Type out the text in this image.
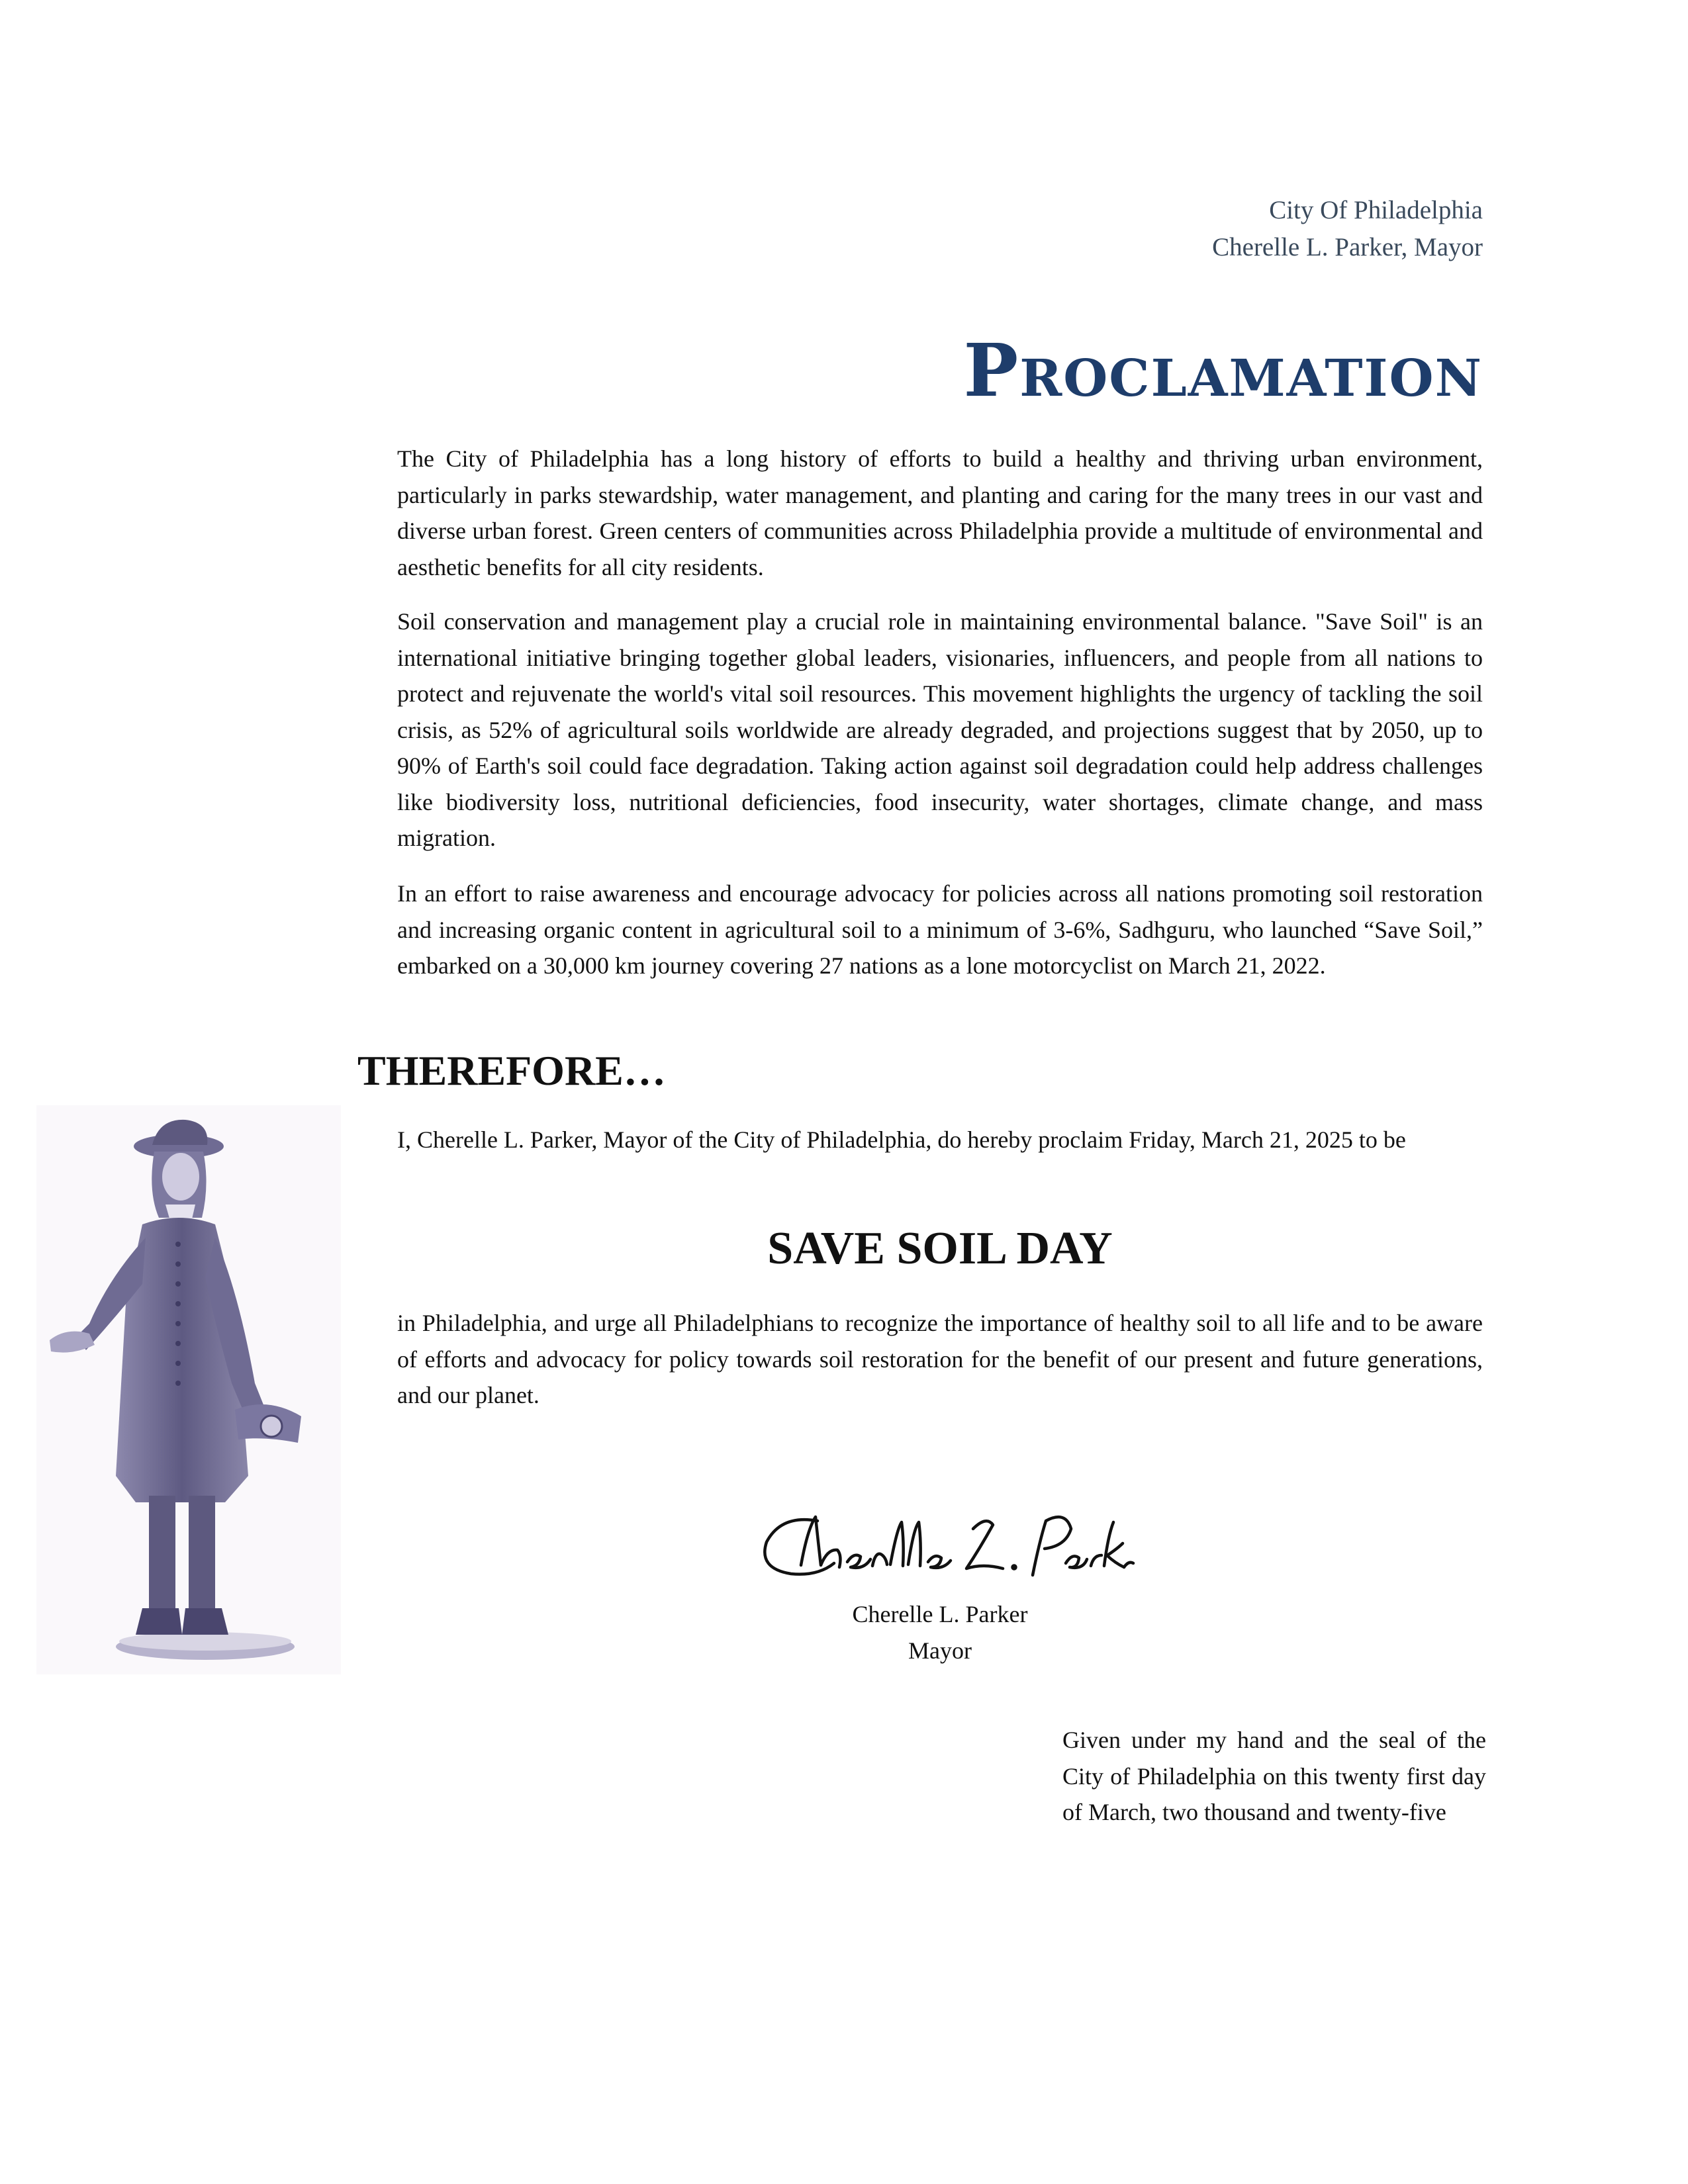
City Of Philadelphia
Cherelle L. Parker, Mayor
Proclamation

The City of Philadelphia has a long history of efforts to build a healthy and thriving urban environment, particularly in parks stewardship, water management, and planting and caring for the many trees in our vast and diverse urban forest. Green centers of communities across Philadelphia provide a multitude of environmental and aesthetic benefits for all city residents.

Soil conservation and management play a crucial role in maintaining environmental balance. "Save Soil" is an international initiative bringing together global leaders, visionaries, influencers, and people from all nations to protect and rejuvenate the world's vital soil resources. This movement highlights the urgency of tackling the soil crisis, as 52% of agricultural soils worldwide are already degraded, and projections suggest that by 2050, up to 90% of Earth's soil could face degradation. Taking action against soil degradation could help address challenges like biodiversity loss, nutritional deficiencies, food insecurity, water shortages, climate change, and mass migration.

In an effort to raise awareness and encourage advocacy for policies across all nations promoting soil restoration and increasing organic content in agricultural soil to a minimum of 3-6%, Sadhguru, who launched “Save Soil,” embarked on a 30,000 km journey covering 27 nations as a lone motorcyclist on March 21, 2022.

THEREFORE…

I, Cherelle L. Parker, Mayor of the City of Philadelphia, do hereby proclaim Friday, March 21, 2025 to be

SAVE SOIL DAY

in Philadelphia, and urge all Philadelphians to recognize the importance of healthy soil to all life and to be aware of efforts and advocacy for policy towards soil restoration for the benefit of our present and future generations, and our planet.

Cherelle L. Parker
Mayor

Given under my hand and the seal of the City of Philadelphia on this twenty first day of March, two thousand and twenty-five
